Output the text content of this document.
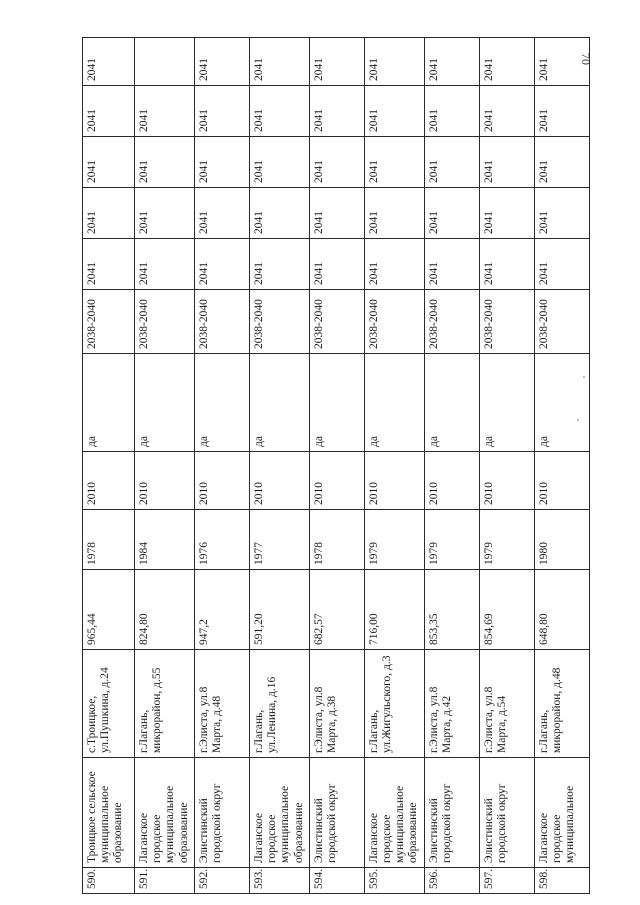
70
590.	Троицкое сельское муниципальное образование	с.Троицкое, ул.Пушкина, д.24	965,44	1978	2010	да	2038-2040	2041	2041	2041	2041	2041
591.	Лаганское городское муниципальное образование	г.Лагань, микрорайон, д.55	824,80	1984	2010	да	2038-2040	2041	2041	2041	2041	
592.	Элистинский городской округ	г.Элиста, ул.8 Марта, д.48	947,2	1976	2010	да	2038-2040	2041	2041	2041	2041	2041
593.	Лаганское городское муниципальное образование	г.Лагань, ул.Ленина, д.16	591,20	1977	2010	да	2038-2040	2041	2041	2041	2041	2041
594.	Элистинский городской округ	г.Элиста, ул.8 Марта, д.38	682,57	1978	2010	да	2038-2040	2041	2041	2041	2041	2041
595.	Лаганское городское муниципальное образование	г.Лагань, ул.Жигульского, д.3	716,00	1979	2010	да	2038-2040	2041	2041	2041	2041	2041
596.	Элистинский городской округ	г.Элиста, ул.8 Марта, д.42	853,35	1979	2010	да	2038-2040	2041	2041	2041	2041	2041
597.	Элистинский городской округ	г.Элиста, ул.8 Марта, д.54	854,69	1979	2010	да	2038-2040	2041	2041	2041	2041	2041
598.	Лаганское городское муниципальное	г.Лагань, микрорайон, д.48	648,80	1980	2010	да	2038-2040	2041	2041	2041	2041	2041
